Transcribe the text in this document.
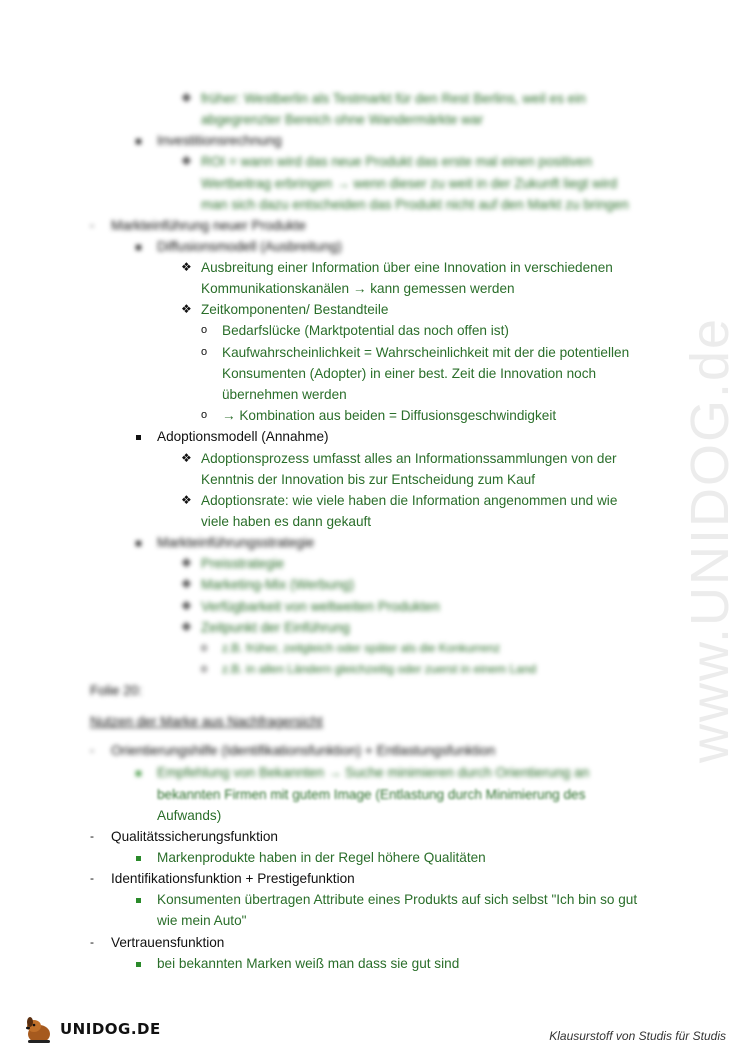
www.UNIDOG.de
❖
❖
-
❖
❖
o
o
o
❖
❖
❖
❖
❖
❖
o
o
-
-
-
-
früher: Westberlin als Testmarkt für den Rest Berlins, weil es ein
abgegrenzter Bereich ohne Wandermärkte war
Investitionsrechnung
ROI = wann wird das neue Produkt das erste mal einen positiven
Wertbeitrag erbringen → wenn dieser zu weit in der Zukunft liegt wird
man sich dazu entscheiden das Produkt nicht auf den Markt zu bringen
Markteinführung neuer Produkte
Diffusionsmodell (Ausbreitung)
Ausbreitung einer Information über eine Innovation in verschiedenen
Kommunikationskanälen → kann gemessen werden
Zeitkomponenten/ Bestandteile
Bedarfslücke (Marktpotential das noch offen ist)
Kaufwahrscheinlichkeit = Wahrscheinlichkeit mit der die potentiellen
Konsumenten (Adopter) in einer best. Zeit die Innovation noch
übernehmen werden
→ Kombination aus beiden = Diffusionsgeschwindigkeit
Adoptionsmodell (Annahme)
Adoptionsprozess umfasst alles an Informationssammlungen von der
Kenntnis der Innovation bis zur Entscheidung zum Kauf
Adoptionsrate: wie viele haben die Information angenommen und wie
viele haben es dann gekauft
Markteinführungsstrategie
Preisstrategie
Marketing-Mix (Werbung)
Verfügbarkeit von weltweiten Produkten
Zeitpunkt der Einführung
z.B. früher, zeitgleich oder später als die Konkurrenz
z.B. in allen Ländern gleichzeitig oder zuerst in einem Land
Folie 20:
Nutzen der Marke aus Nachfragersicht
Orientierungshilfe (Identifikationsfunktion) + Entlastungsfunktion
Empfehlung von Bekannten → Suche minimieren durch Orientierung an
bekannten Firmen mit gutem Image (Entlastung durch Minimierung des
Aufwands)
Qualitätssicherungsfunktion
Markenprodukte haben in der Regel höhere Qualitäten
Identifikationsfunktion + Prestigefunktion
Konsumenten übertragen Attribute eines Produkts auf sich selbst "Ich bin so gut
wie mein Auto"
Vertrauensfunktion
bei bekannten Marken weiß man dass sie gut sind
UNIDOG.DE	Klausurstoff von Studis für Studis
